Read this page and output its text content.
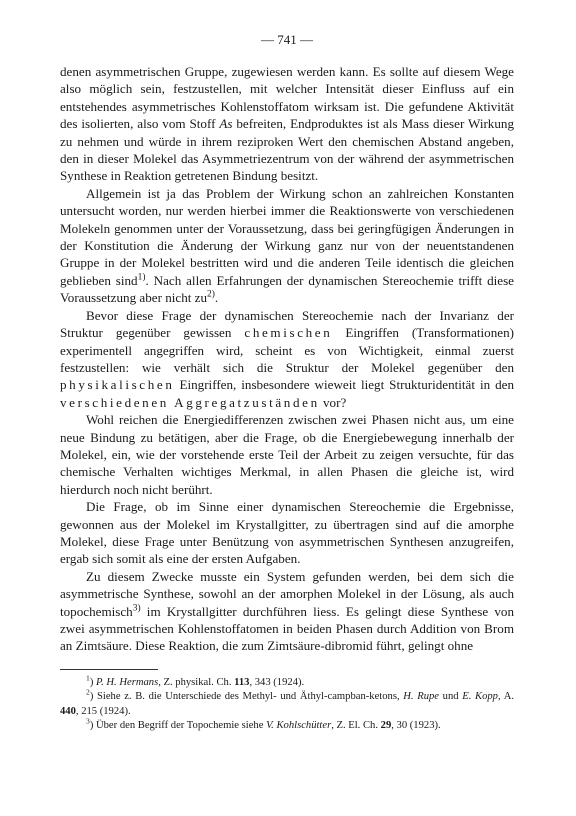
— 741 —

denen asymmetrischen Gruppe, zugewiesen werden kann. Es sollte auf diesem Wege also möglich sein, festzustellen, mit welcher Intensität dieser Einfluss auf ein entstehendes asymmetrisches Kohlenstoffatom wirksam ist. Die gefundene Aktivität des isolierten, also vom Stoff As befreiten, Endproduktes ist als Mass dieser Wirkung zu nehmen und würde in ihrem reziproken Wert den chemischen Abstand angeben, den in dieser Molekel das Asymmetriezentrum von der während der asymmetrischen Synthese in Reaktion getretenen Bindung besitzt.

Allgemein ist ja das Problem der Wirkung schon an zahlreichen Konstanten untersucht worden, nur werden hierbei immer die Reaktionswerte von verschiedenen Molekeln genommen unter der Voraussetzung, dass bei geringfügigen Änderungen in der Konstitution die Änderung der Wirkung ganz nur von der neuentstandenen Gruppe in der Molekel bestritten wird und die anderen Teile identisch die gleichen geblieben sind$^{1)}$. Nach allen Erfahrungen der dynamischen Stereochemie trifft diese Voraussetzung aber nicht $zu^{2)}$.

Bevor diese Frage der dynamischen Stereochemie nach der Invarianz der Struktur gegenüber gewissen chemischen Eingriffen (Transformationen) experimentell angegriffen wird, scheint es von Wichtigkeit, einmal zuerst festzustellen: wie verhält sich die Struktur der Molekel gegenüber den physikalischen Eingriffen, insbesondere wieweit liegt Strukturidentität in den verschiedenen Aggregatzuständen vor?

Wohl reichen die Energiedifferenzen zwischen zwei Phasen nicht aus, um eine neue Bindung zu betätigen, aber die Frage, ob die Energiebewegung innerhalb der Molekel, ein, wie der vorstehende erste Teil der Arbeit zu zeigen versuchte, für das chemische Verhalten wichtiges Merkmal, in allen Phasen die gleiche ist, wird hierdurch noch nicht berührt.

Die Frage, ob im Sinne einer dynamischen Stereochemie die Ergebnisse, gewonnen aus der Molekel im Krystallgitter, zu übertragen sind auf die amorphe Molekel, diese Frage unter Benützung von asymmetrischen Synthesen anzugreifen, ergab sich somit als eine der ersten Aufgaben.

Zu diesem Zwecke musste ein System gefunden werden, bei dem sich die asymmetrische Synthese, sowohl an der amorphen Molekel in der Lösung, als auch topochemisch$^{3)}$ im Krystallgitter durchführen liess. Es gelingt diese Synthese von zwei asymmetrischen Kohlenstoffatomen in beiden Phasen durch Addition von Brom an Zimtsäure. Diese Reaktion, die zum Zimtsäure-dibromid führt, gelingt ohne

$^1$) P. H. Hermans, Z. physikal. Ch. 113, 343 (1924).

$^2$) Siehe z. B. die Unterschiede des Methyl- und Äthyl-campban-ketons, H. Rupe und E. Kopp, A. 440, 215 (1924).

$^3$) Über den Begriff der Topochemie siehe V. Kohlschütter, Z. El. Ch. 29, 30 (1923).
